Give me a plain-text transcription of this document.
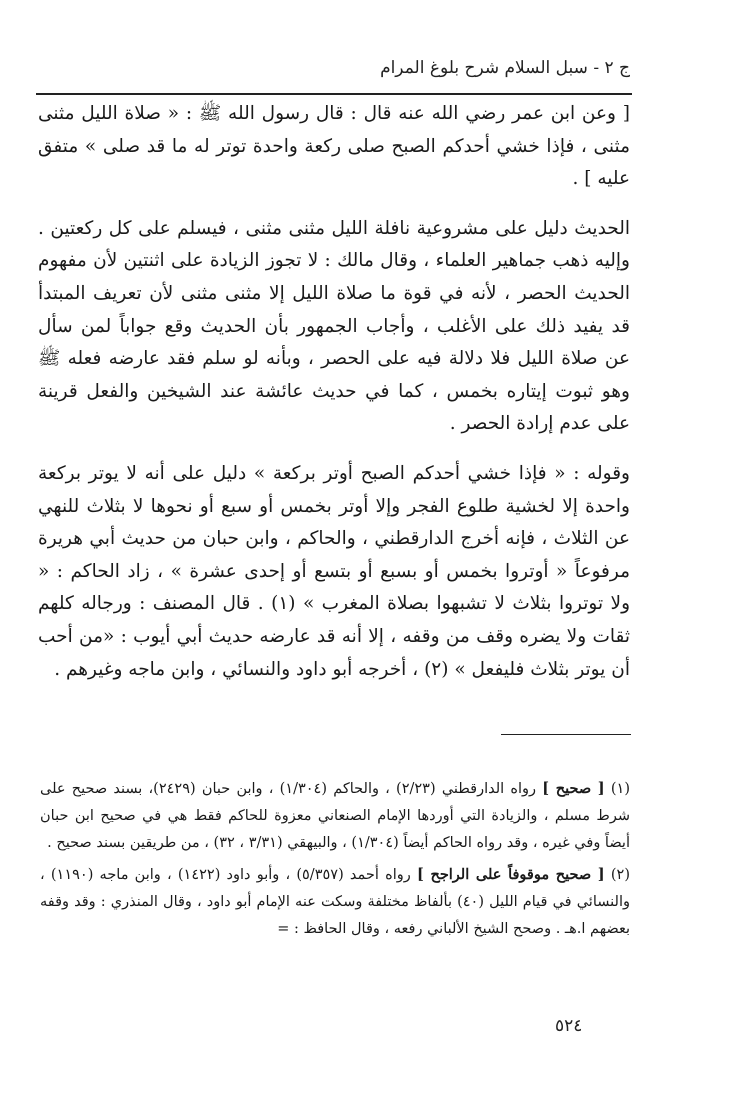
ج ٢ - سبل السلام شرح بلوغ المرام

[ وعن ابن عمر رضي الله عنه قال : قال رسول الله ﷺ : « صلاة الليل مثنى مثنى ، فإذا خشي أحدكم الصبح صلى ركعة واحدة توتر له ما قد صلى » متفق عليه ] .

الحديث دليل على مشروعية نافلة الليل مثنى مثنى ، فيسلم على كل ركعتين . وإليه ذهب جماهير العلماء ، وقال مالك : لا تجوز الزيادة على اثنتين لأن مفهوم الحديث الحصر ، لأنه في قوة ما صلاة الليل إلا مثنى مثنى لأن تعريف المبتدأ قد يفيد ذلك على الأغلب ، وأجاب الجمهور بأن الحديث وقع جواباً لمن سأل عن صلاة الليل فلا دلالة فيه على الحصر ، وبأنه لو سلم فقد عارضه فعله ﷺ وهو ثبوت إيتاره بخمس ، كما في حديث عائشة عند الشيخين والفعل قرينة على عدم إرادة الحصر .

وقوله : « فإذا خشي أحدكم الصبح أوتر بركعة » دليل على أنه لا يوتر بركعة واحدة إلا لخشية طلوع الفجر وإلا أوتر بخمس أو سبع أو نحوها لا بثلاث للنهي عن الثلاث ، فإنه أخرج الدارقطني ، والحاكم ، وابن حبان من حديث أبي هريرة مرفوعاً « أوتروا بخمس أو بسبع أو بتسع أو إحدى عشرة » ، زاد الحاكم : « ولا توتروا بثلاث لا تشبهوا بصلاة المغرب » (١) . قال المصنف : ورجاله كلهم ثقات ولا يضره وقف من وقفه ، إلا أنه قد عارضه حديث أبي أيوب : «من أحب أن يوتر بثلاث فليفعل » (٢) ، أخرجه أبو داود والنسائي ، وابن ماجه وغيرهم .

(١) [ صحيح ] رواه الدارقطني (٢/٢٣) ، والحاكم (١/٣٠٤) ، وابن حبان (٢٤٢٩)، بسند صحيح على شرط مسلم ، والزيادة التي أوردها الإمام الصنعاني معزوة للحاكم فقط هي في صحيح ابن حبان أيضاً وفي غيره ، وقد رواه الحاكم أيضاً (١/٣٠٤) ، والبيهقي (٣/٣١ ، ٣٢) ، من طريقين بسند صحيح .

(٢) [ صحيح موقوفاً على الراجح ] رواه أحمد (٥/٣٥٧) ، وأبو داود (١٤٢٢) ، وابن ماجه (١١٩٠) ، والنسائي في قيام الليل (٤٠) بألفاظ مختلفة وسكت عنه الإمام أبو داود ، وقال المنذري : وقد وقفه بعضهم ا.هـ . وصحح الشيخ الألباني رفعه ، وقال الحافظ : =

٥٢٤
